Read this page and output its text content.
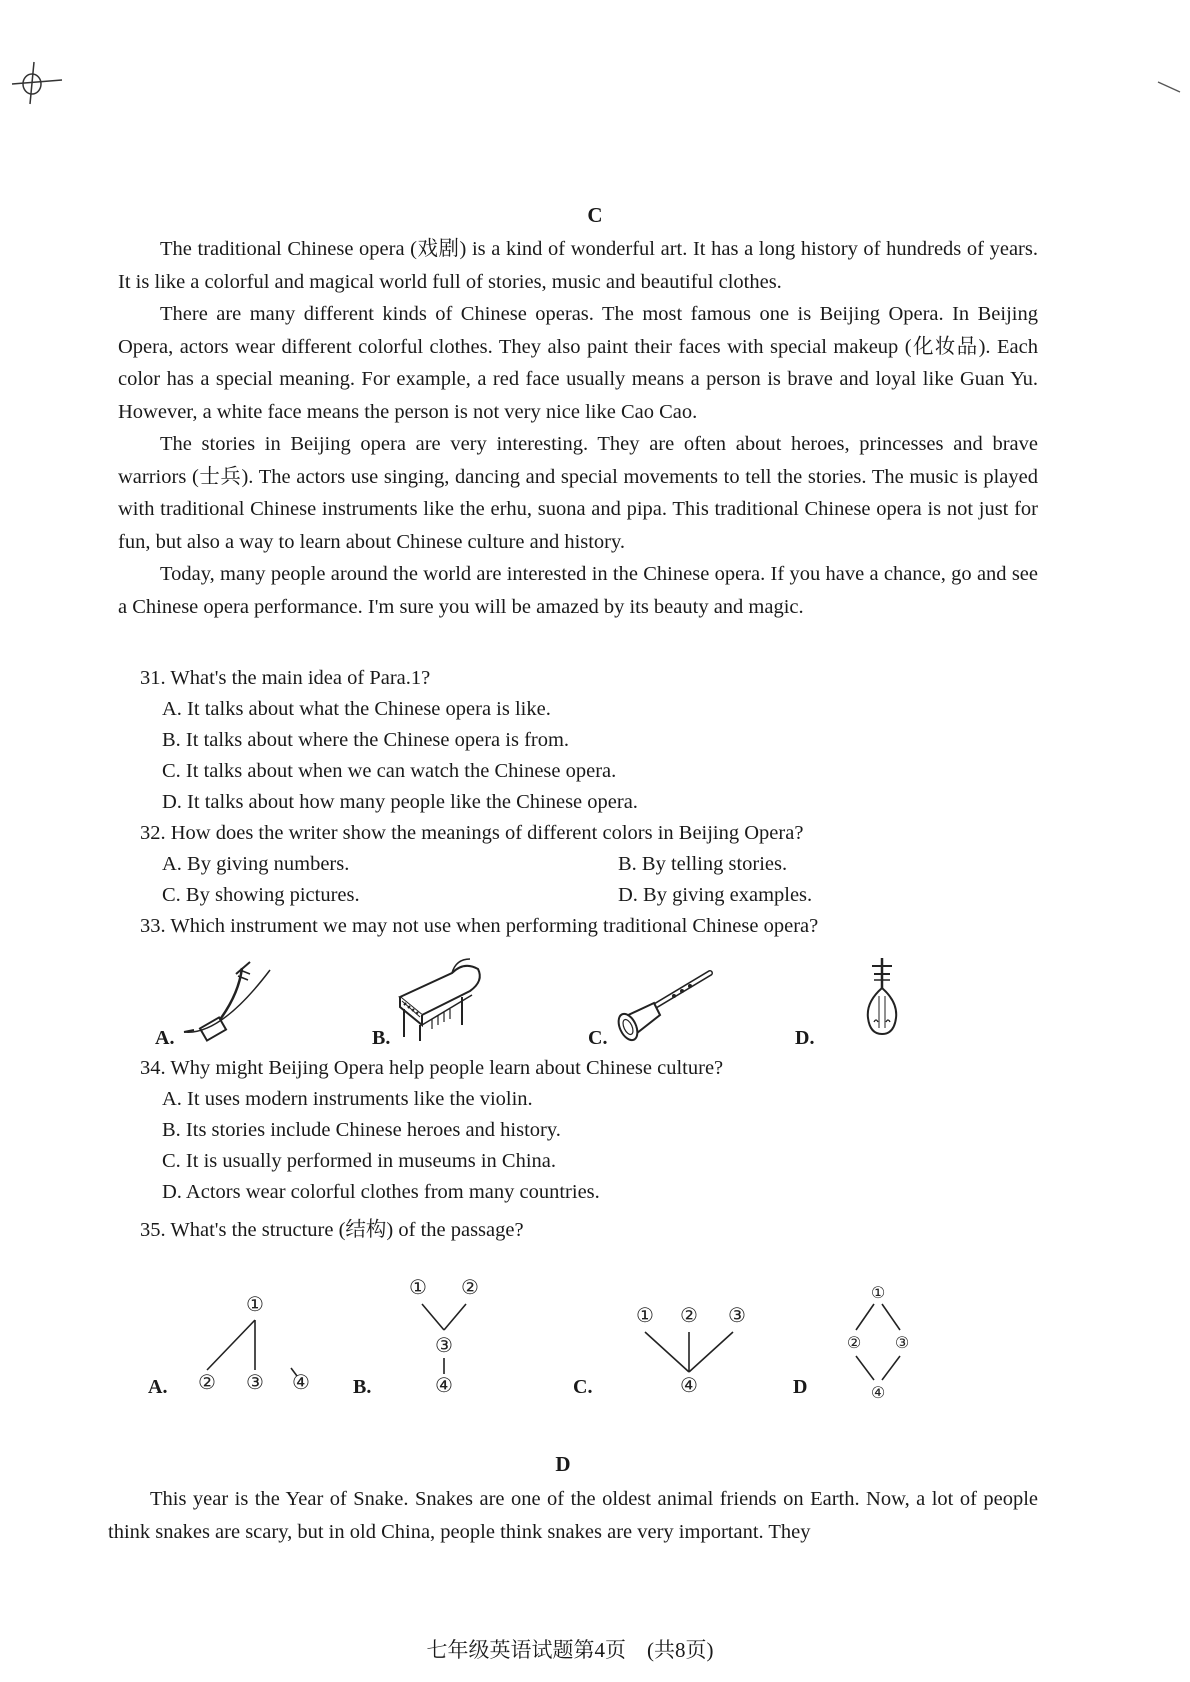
C

The traditional Chinese opera (戏剧) is a kind of wonderful art. It has a long history of hundreds of years. It is like a colorful and magical world full of stories, music and beautiful clothes.

There are many different kinds of Chinese operas. The most famous one is Beijing Opera. In Beijing Opera, actors wear different colorful clothes. They also paint their faces with special makeup (化妆品). Each color has a special meaning. For example, a red face usually means a person is brave and loyal like Guan Yu. However, a white face means the person is not very nice like Cao Cao.

The stories in Beijing opera are very interesting. They are often about heroes, princesses and brave warriors (士兵). The actors use singing, dancing and special movements to tell the stories. The music is played with traditional Chinese instruments like the erhu, suona and pipa. This traditional Chinese opera is not just for fun, but also a way to learn about Chinese culture and history.

Today, many people around the world are interested in the Chinese opera. If you have a chance, go and see a Chinese opera performance. I'm sure you will be amazed by its beauty and magic.

31. What's the main idea of Para.1?
A. It talks about what the Chinese opera is like.
B. It talks about where the Chinese opera is from.
C. It talks about when we can watch the Chinese opera.
D. It talks about how many people like the Chinese opera.
32. How does the writer show the meanings of different colors in Beijing Opera?
A. By giving numbers.	B. By telling stories.
C. By showing pictures.	D. By giving examples.
33. Which instrument we may not use when performing traditional Chinese opera?
A.	B.	C.	D.
34. Why might Beijing Opera help people learn about Chinese culture?
A. It uses modern instruments like the violin.
B. Its stories include Chinese heroes and history.
C. It is usually performed in museums in China.
D. Actors wear colorful clothes from many countries.
35. What's the structure (结构) of the passage?
A.
①
② ③ ④ B.
① ②
③
④	C.
① ② ③
④	D
①
② ③
④
D

This year is the Year of Snake. Snakes are one of the oldest animal friends on Earth. Now, a lot of people think snakes are scary, but in old China, people think snakes are very important. They

七年级英语试题第4页　(共8页)
